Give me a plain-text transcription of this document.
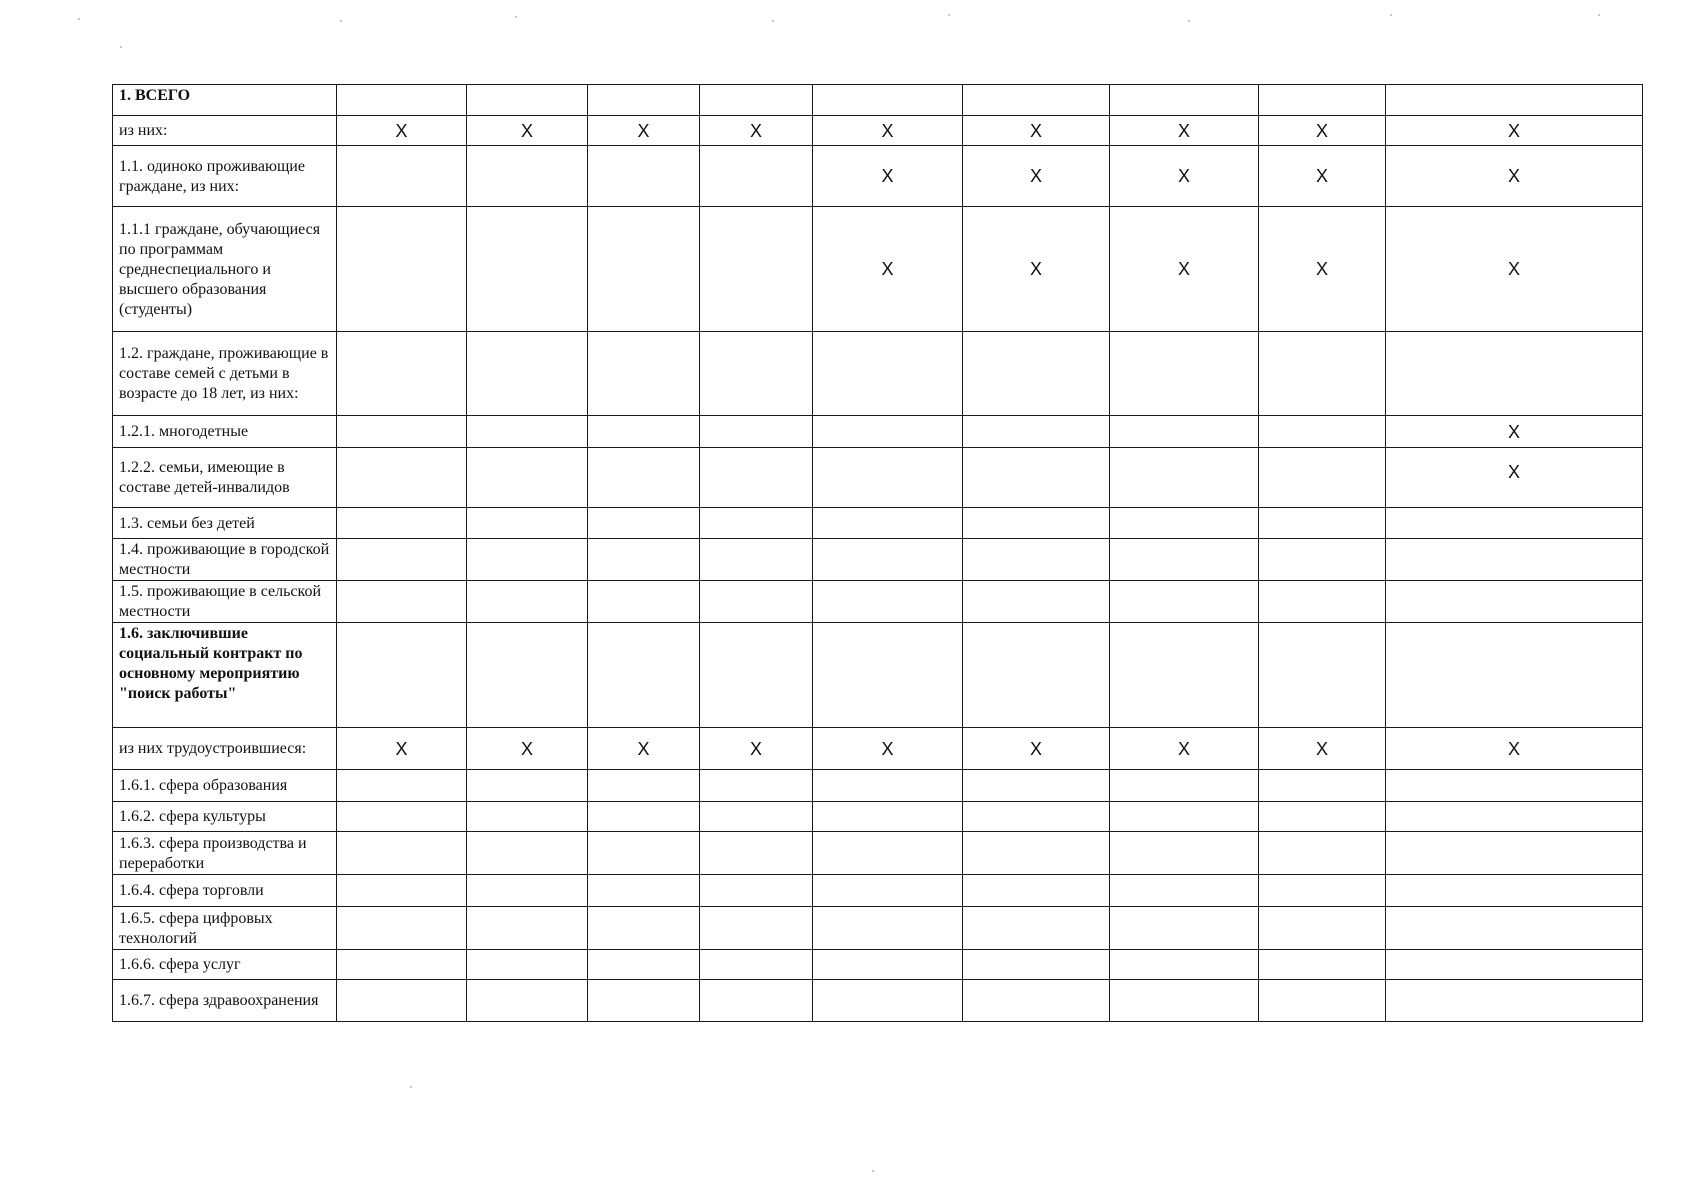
1. ВСЕГО									
из них:	X	X	X	X	X	X	X	X	X
1.1. одиноко проживающие граждане, из них:					X	X	X	X	X
1.1.1 граждане, обучающиеся по программам среднеспециального и высшего образования (студенты)					X	X	X	X	X
1.2. граждане, проживающие в составе семей с детьми в возрасте до 18 лет, из них:									
1.2.1. многодетные									X
1.2.2. семьи, имеющие в составе детей-инвалидов									X
1.3. семьи без детей									
1.4. проживающие в городской местности									
1.5. проживающие в сельской местности									
1.6. заключившие социальный контракт по основному мероприятию "поиск работы"									
из них трудоустроившиеся:	X	X	X	X	X	X	X	X	X
1.6.1. сфера образования									
1.6.2. сфера культуры									
1.6.3. сфера производства и переработки									
1.6.4. сфера торговли									
1.6.5. сфера цифровых технологий									
1.6.6. сфера услуг									
1.6.7. сфера здравоохранения									
